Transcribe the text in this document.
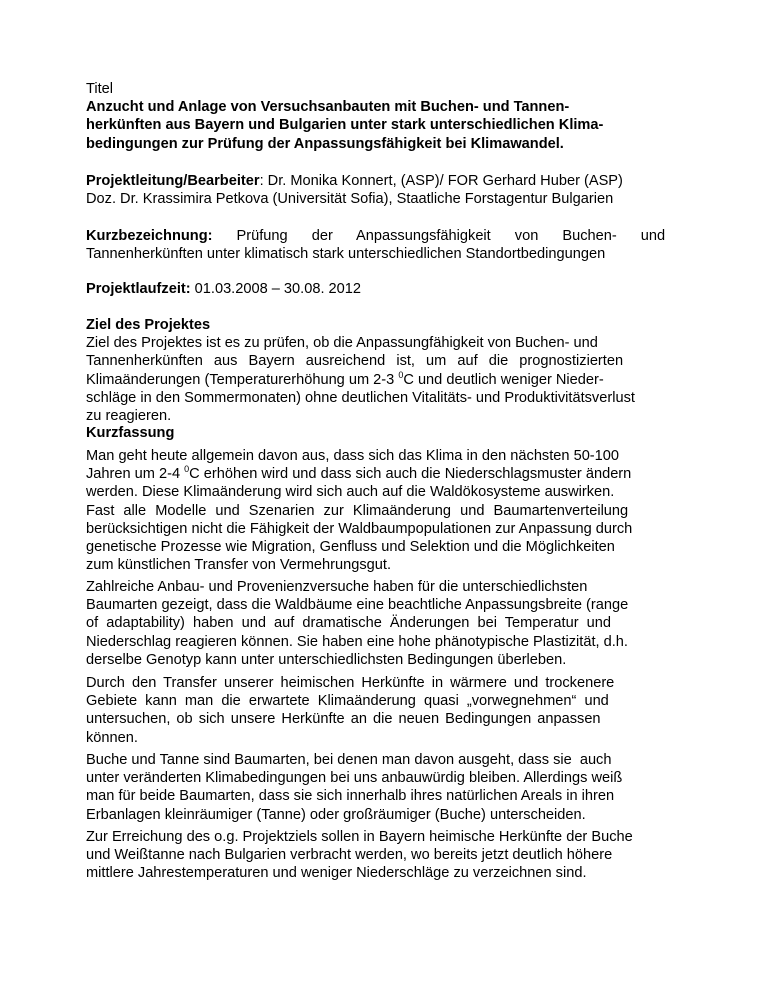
Titel
Anzucht und Anlage von Versuchsanbauten mit Buchen- und Tannen-
herkünften aus Bayern und Bulgarien unter stark unterschiedlichen Klima-
bedingungen zur Prüfung der Anpassungsfähigkeit bei Klimawandel.
Projektleitung/Bearbeiter: Dr. Monika Konnert, (ASP)/ FOR Gerhard Huber (ASP)
Doz. Dr. Krassimira Petkova (Universität Sofia), Staatliche Forstagentur Bulgarien
Kurzbezeichnung: Prüfung der Anpassungsfähigkeit von Buchen- und
Tannenherkünften unter klimatisch stark unterschiedlichen Standortbedingungen
Projektlaufzeit: 01.03.2008 – 30.08. 2012
Ziel des Projektes
Ziel des Projektes ist es zu prüfen, ob die Anpassungfähigkeit von Buchen- und
Tannenherkünften aus Bayern ausreichend ist, um auf die prognostizierten
Klimaänderungen (Temperaturerhöhung um 2-3 $^0$C und deutlich weniger Nieder-
schläge in den Sommermonaten) ohne deutlichen Vitalitäts- und Produktivitätsverlust
zu reagieren.
Kurzfassung
Man geht heute allgemein davon aus, dass sich das Klima in den nächsten 50-100
Jahren um 2-4 $^0$C erhöhen wird und dass sich auch die Niederschlagsmuster ändern
werden. Diese Klimaänderung wird sich auch auf die Waldökosysteme auswirken.
Fast alle Modelle und Szenarien zur Klimaänderung und Baumartenverteilung
berücksichtigen nicht die Fähigkeit der Waldbaumpopulationen zur Anpassung durch
genetische Prozesse wie Migration, Genfluss und Selektion und die Möglichkeiten
zum künstlichen Transfer von Vermehrungsgut.
Zahlreiche Anbau- und Provenienzversuche haben für die unterschiedlichsten
Baumarten gezeigt, dass die Waldbäume eine beachtliche Anpassungsbreite (range
of adaptability) haben und auf dramatische Änderungen bei Temperatur und
Niederschlag reagieren können. Sie haben eine hohe phänotypische Plastizität, d.h.
derselbe Genotyp kann unter unterschiedlichsten Bedingungen überleben.
Durch den Transfer unserer heimischen Herkünfte in wärmere und trockenere
Gebiete kann man die erwartete Klimaänderung quasi „vorwegnehmen“ und
untersuchen, ob sich unsere Herkünfte an die neuen Bedingungen anpassen
können.
Buche und Tanne sind Baumarten, bei denen man davon ausgeht, dass sie  auch
unter veränderten Klimabedingungen bei uns anbauwürdig bleiben. Allerdings weiß
man für beide Baumarten, dass sie sich innerhalb ihres natürlichen Areals in ihren
Erbanlagen kleinräumiger (Tanne) oder großräumiger (Buche) unterscheiden.
Zur Erreichung des o.g. Projektziels sollen in Bayern heimische Herkünfte der Buche
und Weißtanne nach Bulgarien verbracht werden, wo bereits jetzt deutlich höhere
mittlere Jahrestemperaturen und weniger Niederschläge zu verzeichnen sind.
